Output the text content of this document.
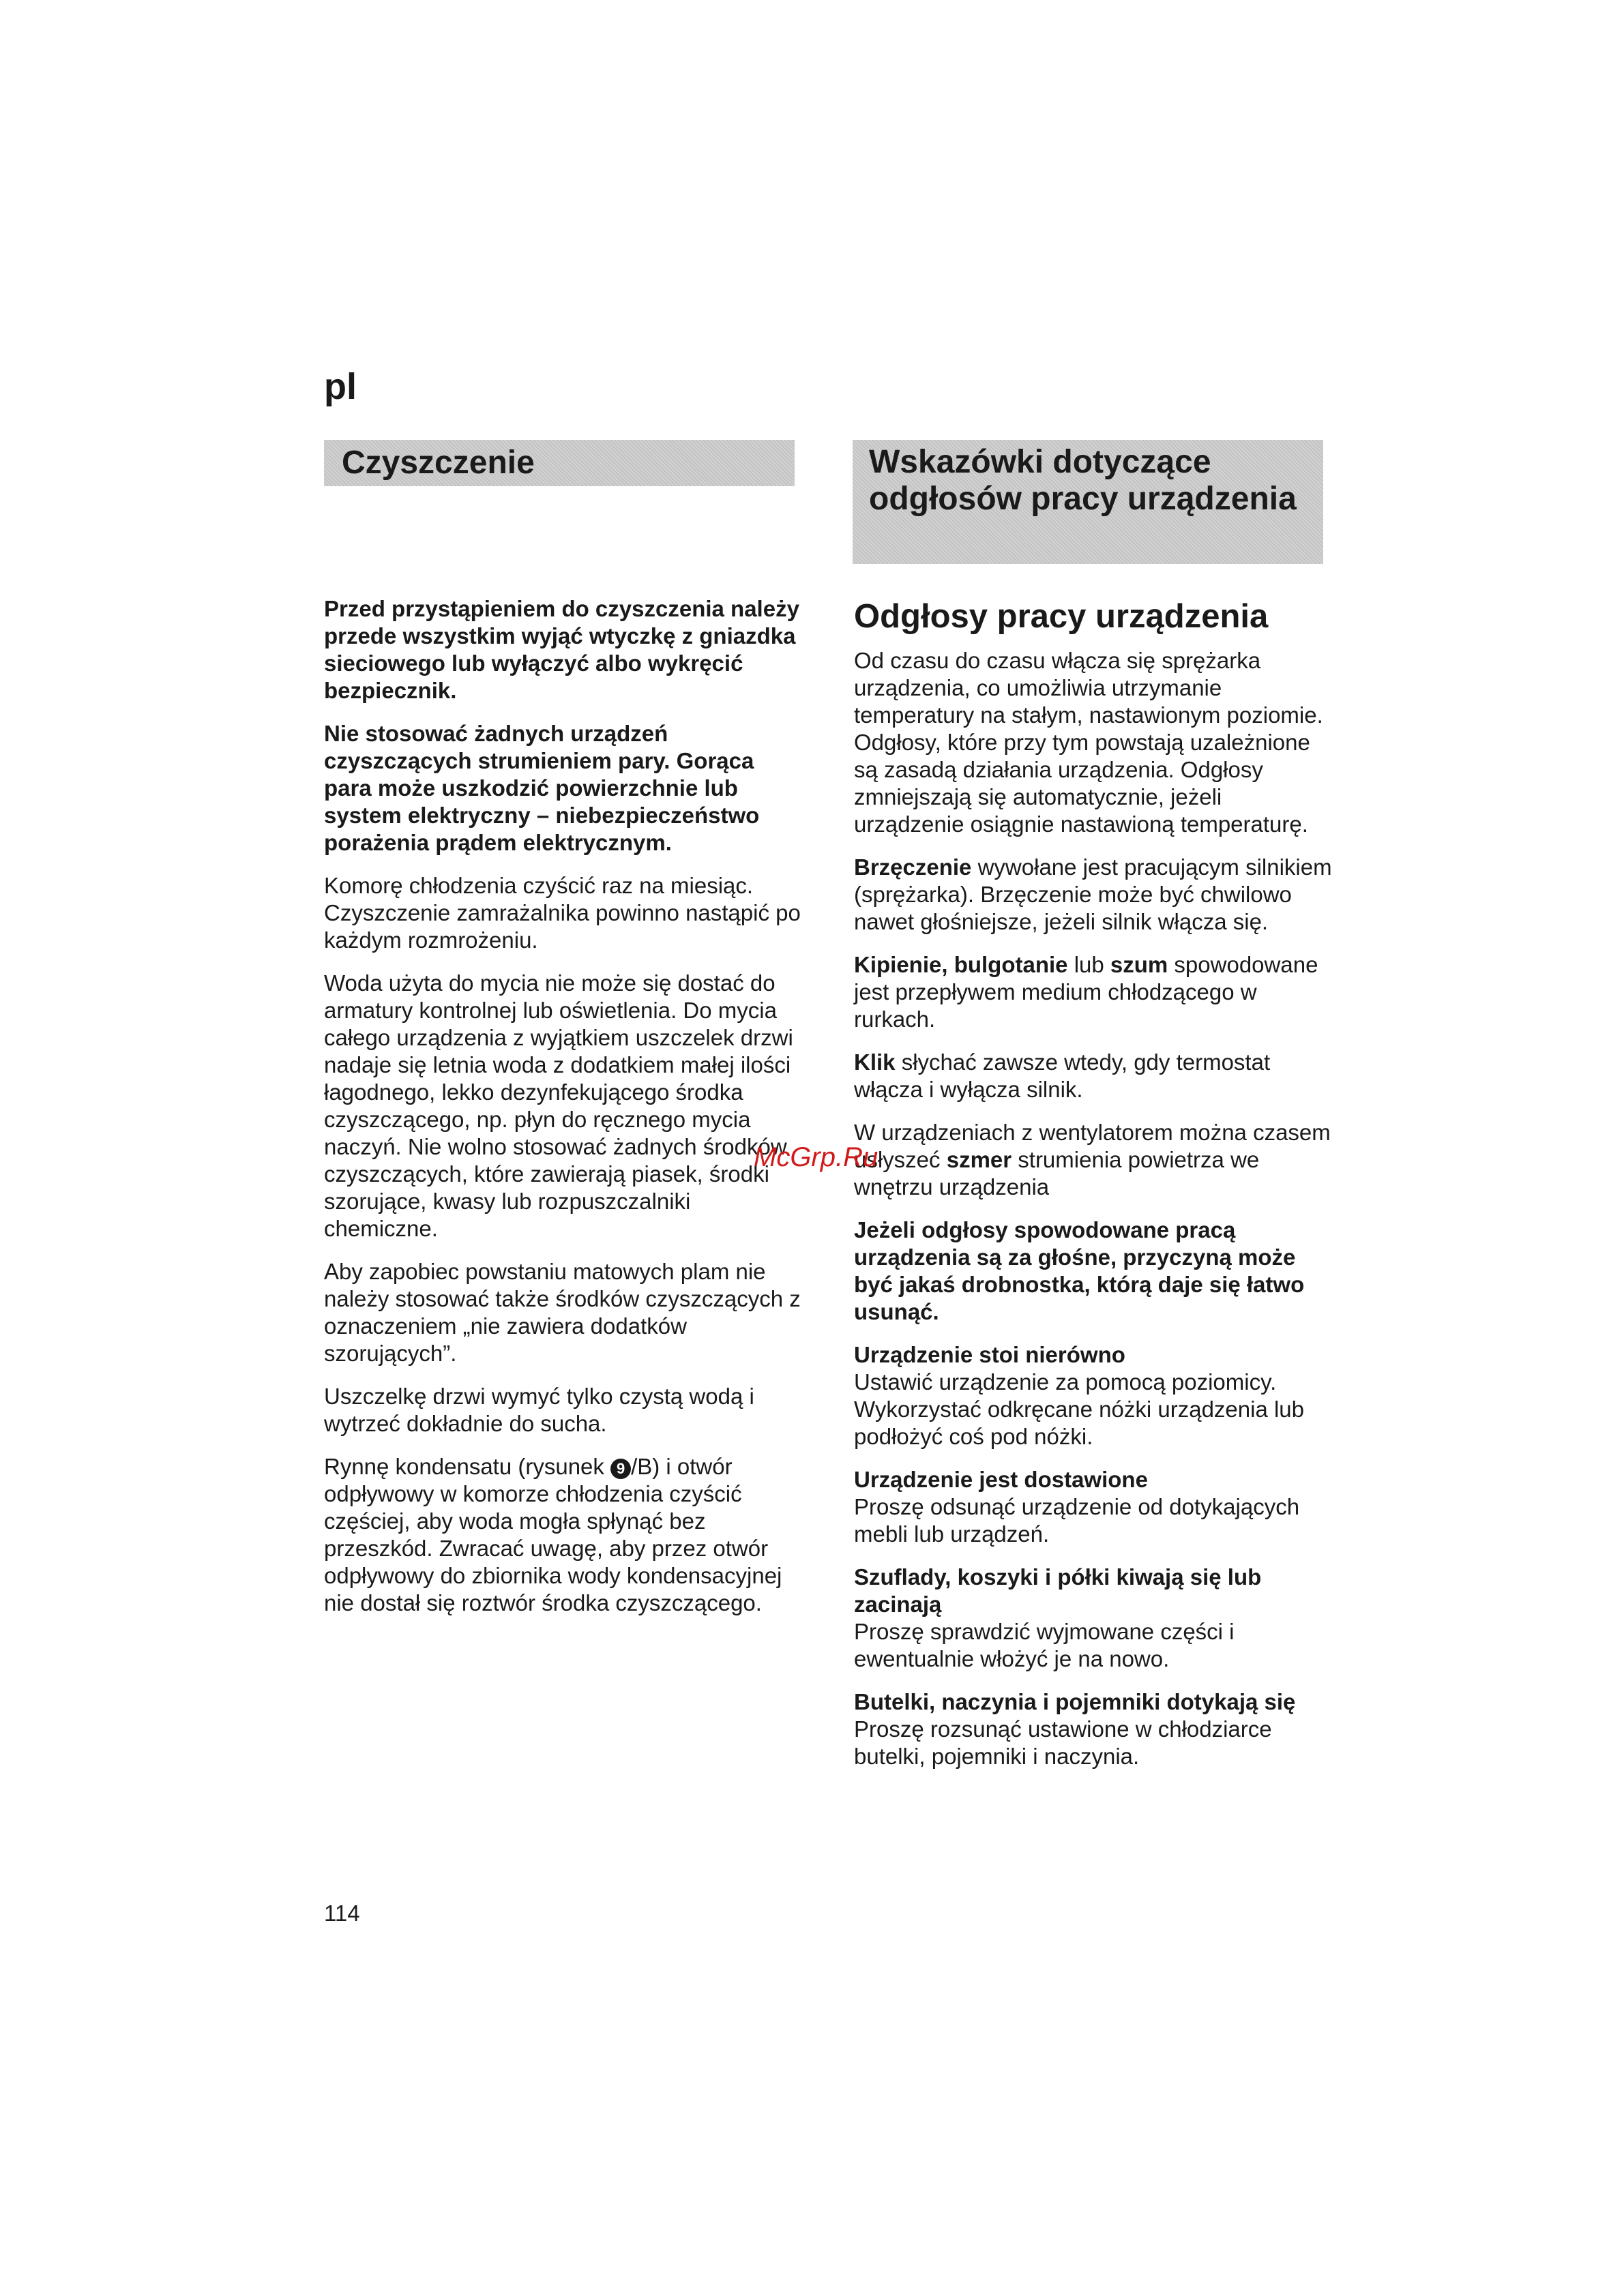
pl
Czyszczenie	Wskazówki dotyczące odgłosów pracy urządzenia

Przed przystąpieniem do czyszczenia należy przede wszystkim wyjąć wtyczkę z gniazdka sieciowego lub wyłączyć albo wykręcić bezpiecznik.

Nie stosować żadnych urządzeń czyszczących strumieniem pary. Gorąca para może uszkodzić powierzchnie lub system elektryczny – niebezpieczeństwo porażenia prądem elektrycznym.

Komorę chłodzenia czyścić raz na miesiąc. Czyszczenie zamrażalnika powinno nastąpić po każdym rozmrożeniu.

Woda użyta do mycia nie może się dostać do armatury kontrolnej lub oświetlenia. Do mycia całego urządzenia z wyjątkiem uszczelek drzwi nadaje się letnia woda z dodatkiem małej ilości łagodnego, lekko dezynfekującego środka czyszczącego, np. płyn do ręcznego mycia naczyń. Nie wolno stosować żadnych środków czyszczących, które zawierają piasek, środki szorujące, kwasy lub rozpuszczalniki chemiczne.

Aby zapobiec powstaniu matowych plam nie należy stosować także środków czyszczących z oznaczeniem „nie zawiera dodatków szorujących”.

Uszczelkę drzwi wymyć tylko czystą wodą i wytrzeć dokładnie do sucha.

Rynnę kondensatu (rysunek 9 /B) i otwór odpływowy w komorze chłodzenia czyścić częściej, aby woda mogła spłynąć bez przeszkód. Zwracać uwagę, aby przez otwór odpływowy do zbiornika wody kondensacyjnej nie dostał się roztwór środka czyszczącego.

Odgłosy pracy urządzenia

Od czasu do czasu włącza się sprężarka urządzenia, co umożliwia utrzymanie temperatury na stałym, nastawionym poziomie. Odgłosy, które przy tym powstają uzależnione są zasadą działania urządzenia. Odgłosy zmniejszają się automatycznie, jeżeli urządzenie osiągnie nastawioną temperaturę.

Brzęczenie wywołane jest pracującym silnikiem (sprężarka). Brzęczenie może być chwilowo nawet głośniejsze, jeżeli silnik włącza się.

Kipienie, bulgotanie lub szum spowodowane jest przepływem medium chłodzącego w rurkach.

Klik słychać zawsze wtedy, gdy termostat włącza i wyłącza silnik.

W urządzeniach z wentylatorem można czasem usłyszeć szmer strumienia powietrza we wnętrzu urządzenia

Jeżeli odgłosy spowodowane pracą urządzenia są za głośne, przyczyną może być jakaś drobnostka, którą daje się łatwo usunąć.

Urządzenie stoi nierówno
Ustawić urządzenie za pomocą poziomicy. Wykorzystać odkręcane nóżki urządzenia lub podłożyć coś pod nóżki.

Urządzenie jest dostawione
Proszę odsunąć urządzenie od dotykających mebli lub urządzeń.

Szuflady, koszyki i półki kiwają się lub zacinają
Proszę sprawdzić wyjmowane części i ewentualnie włożyć je na nowo.

Butelki, naczynia i pojemniki dotykają się
Proszę rozsunąć ustawione w chłodziarce butelki, pojemniki i naczynia.

114
McGrp.Ru
